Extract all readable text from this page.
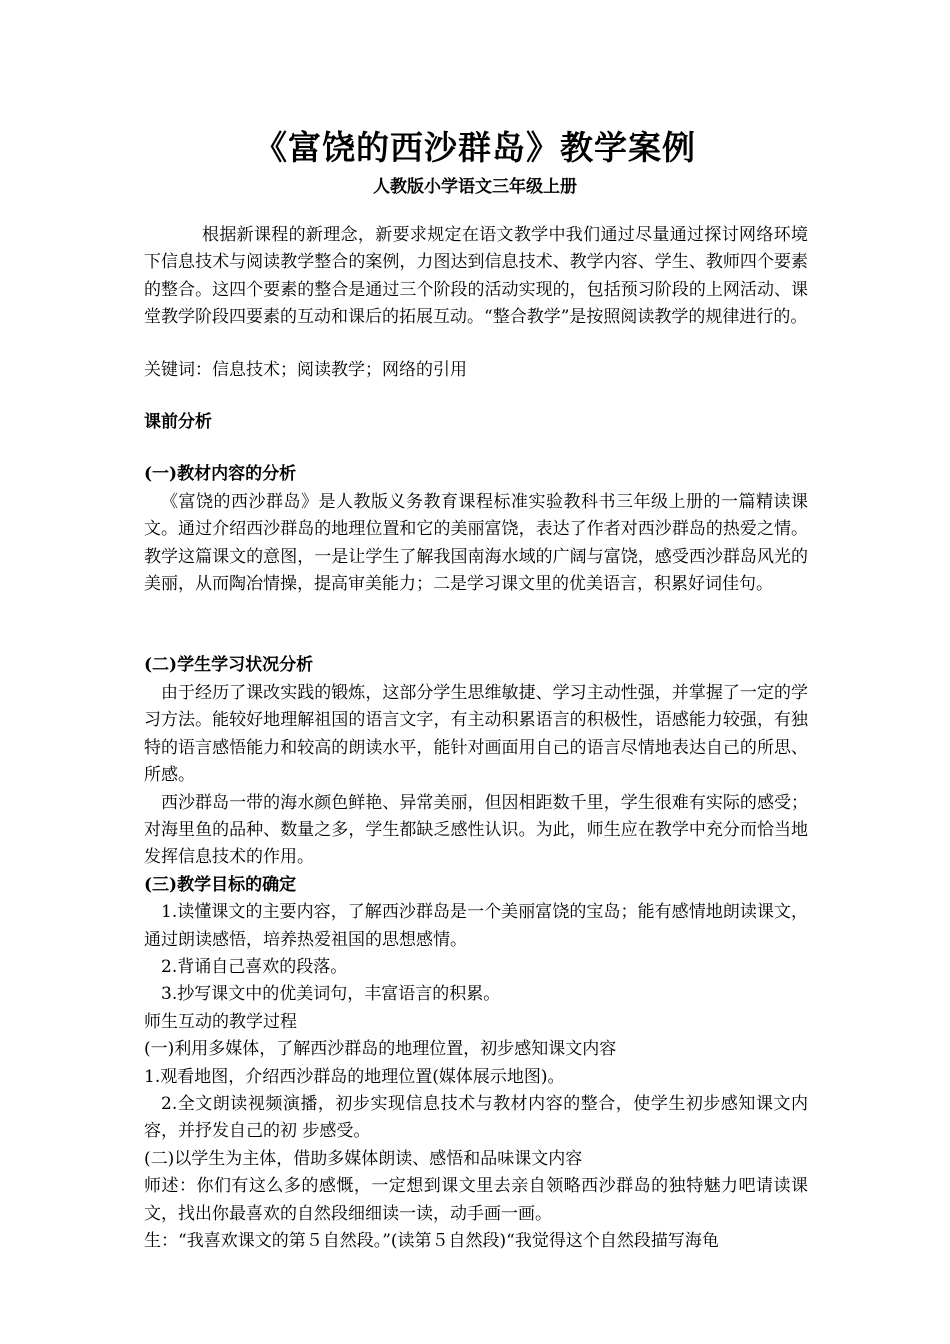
《富饶的西沙群岛》教学案例
人教版小学语文三年级上册

根据新课程的新理念，新要求规定在语文教学中我们通过尽量通过探讨网络环境下信息技术与阅读教学整合的案例，力图达到信息技术、教学内容、学生、教师四个要素的整合。这四个要素的整合是通过三个阶段的活动实现的，包括预习阶段的上网活动、课堂教学阶段四要素的互动和课后的拓展互动。“整合教学”是按照阅读教学的规律进行的。

关键词：信息技术；阅读教学；网络的引用

课前分析

(一)教材内容的分析

《富饶的西沙群岛》是人教版义务教育课程标准实验教科书三年级上册的一篇精读课文。通过介绍西沙群岛的地理位置和它的美丽富饶，表达了作者对西沙群岛的热爱之情。教学这篇课文的意图，一是让学生了解我国南海水域的广阔与富饶，感受西沙群岛风光的美丽，从而陶冶情操，提高审美能力；二是学习课文里的优美语言，积累好词佳句。

(二)学生学习状况分析

由于经历了课改实践的锻炼，这部分学生思维敏捷、学习主动性强，并掌握了一定的学习方法。能较好地理解祖国的语言文字，有主动积累语言的积极性，语感能力较强，有独特的语言感悟能力和较高的朗读水平，能针对画面用自己的语言尽情地表达自己的所思、所感。

西沙群岛一带的海水颜色鲜艳、异常美丽，但因相距数千里，学生很难有实际的感受；对海里鱼的品种、数量之多，学生都缺乏感性认识。为此，师生应在教学中充分而恰当地发挥信息技术的作用。

(三)教学目标的确定

1.读懂课文的主要内容，了解西沙群岛是一个美丽富饶的宝岛；能有感情地朗读课文，通过朗读感悟，培养热爱祖国的思想感情。

2.背诵自己喜欢的段落。

3.抄写课文中的优美词句，丰富语言的积累。

师生互动的教学过程

(一)利用多媒体，了解西沙群岛的地理位置，初步感知课文内容

1.观看地图，介绍西沙群岛的地理位置(媒体展示地图)。

2.全文朗读视频演播，初步实现信息技术与教材内容的整合，使学生初步感知课文内容，并抒发自己的初 步感受。

(二)以学生为主体，借助多媒体朗读、感悟和品味课文内容

师述：你们有这么多的感慨，一定想到课文里去亲自领略西沙群岛的独特魅力吧请读课文，找出你最喜欢的自然段细细读一读，动手画一画。

生：“我喜欢课文的第５自然段。”(读第５自然段)“我觉得这个自然段描写海龟
